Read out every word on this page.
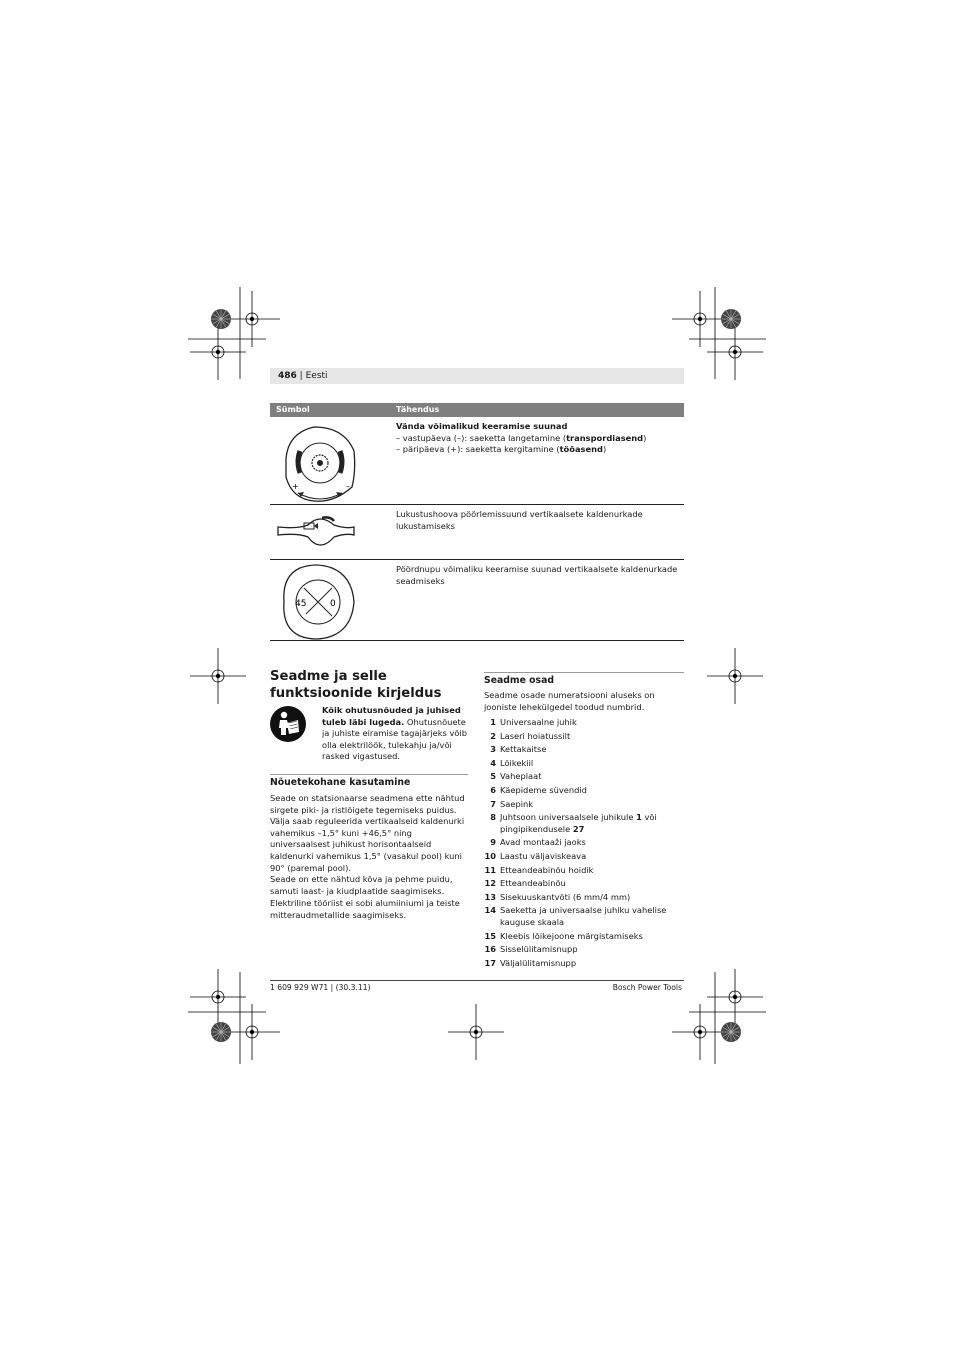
486 | Eesti
Sümbol	Tähendus
+	–
Vända võimalikud keeramise suunad
– vastupäeva (–): saeketta langetamine (transpordiasend)
– päripäeva (+): saeketta kergitamine (tööasend)
Lukustushoova pöörlemissuund vertikaalsete kaldenurkade lukustamiseks
45	0
Pöördnupu võimaliku keeramise suunad vertikaalsete kaldenurkade seadmiseks
Seadme ja selle funktsioonide kirjeldus
Kõik ohutusnõuded ja juhised tuleb läbi lugeda. Ohutusnõuete ja juhiste eiramise tagajärjeks võib olla elektrilöök, tulekahju ja/või rasked vigastused.
Nõuetekohane kasutamine
Seade on statsionaarse seadmena ette nähtud sirgete piki- ja ristlõigete tegemiseks puidus. Välja saab reguleerida vertikaalseid kaldenurki vahemikus –1,5° kuni +46,5° ning universaalsest juhikust horisontaalseid kaldenurki vahemikus 1,5° (vasakul pool) kuni 90° (paremal pool).
Seade on ette nähtud kõva ja pehme puidu, samuti laast- ja kiudplaatide saagimiseks.
Elektriline tööriist ei sobi alumiiniumi ja teiste mitteraudmetallide saagimiseks.
Seadme osad
Seadme osade numeratsiooni aluseks on jooniste lehekülgedel toodud numbrid.
1 Universaalne juhik
2 Laseri hoiatussilt
3 Kettakaitse
4 Lõikekiil
5 Vaheplaat
6 Käepideme süvendid
7 Saepink
8 Juhtsoon universaalsele juhikule 1 või pingipikendusele 27
9 Avad montaaži jaoks
10 Laastu väljaviskeava
11 Etteandeabinõu hoidik
12 Etteandeabinõu
13 Sisekuuskantvõti (6 mm/4 mm)
14 Saeketta ja universaalse juhiku vahelise kauguse skaala
15 Kleebis lõikejoone märgistamiseks
16 Sisselülitamisnupp
17 Väljalülitamisnupp
1 609 929 W71 | (30.3.11)	Bosch Power Tools
